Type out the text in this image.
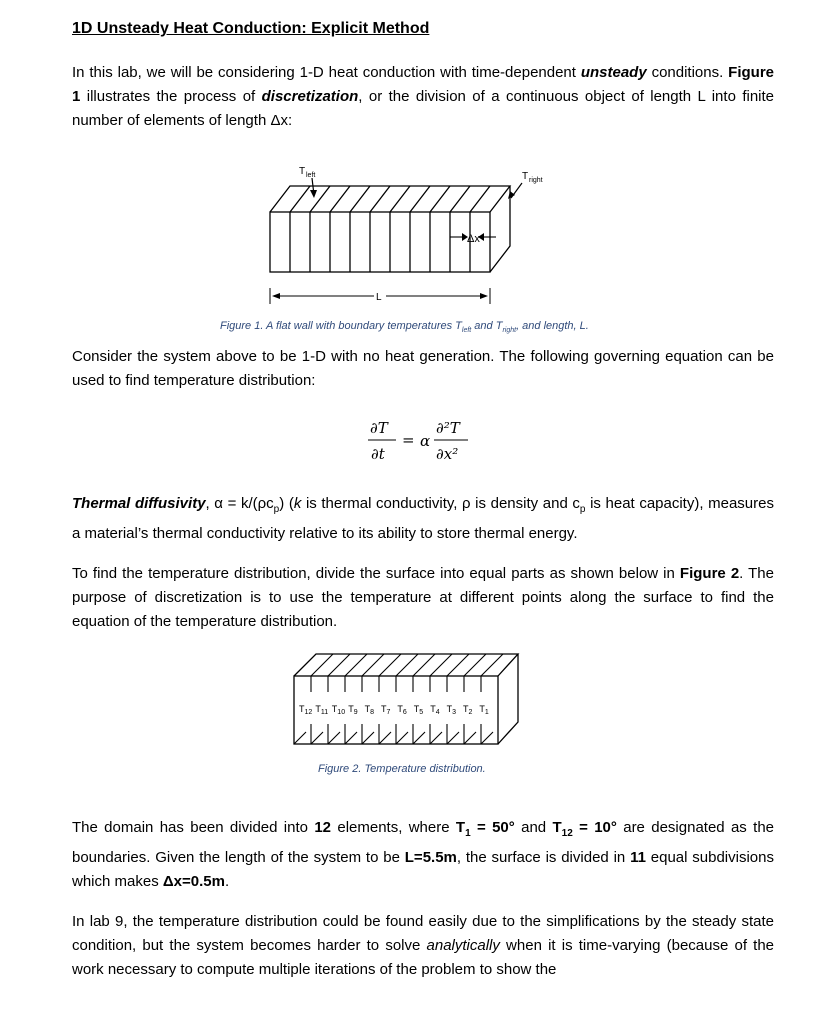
1D Unsteady Heat Conduction: Explicit Method
In this lab, we will be considering 1-D heat conduction with time-dependent unsteady conditions. Figure 1 illustrates the process of discretization, or the division of a continuous object of length L into finite number of elements of length Δx:
T left	T right
Δx
L
Figure 1. A flat wall with boundary temperatures $T_{left}$ and $T_{right}$, and length, L.
Consider the system above to be 1-D with no heat generation. The following governing equation can be used to find temperature distribution:
∂T
∂t
= α
∂²T
∂x²
Thermal diffusivity, $\alpha = k/(\rho c_p)$ (k is thermal conductivity, ρ is density and $c_p$ is heat capacity), measures a material’s thermal conductivity relative to its ability to store thermal energy.
To find the temperature distribution, divide the surface into equal parts as shown below in Figure 2. The purpose of discretization is to use the temperature at different points along the surface to find the equation of the temperature distribution.
$T_{12}$ $T_{11}$ $T_{10}$ $T_9$ $T_8$ $T_7$ $T_6$ $T_5$ $T_4$ $T_3$ $T_2$ $T_1$
Figure 2. Temperature distribution.
The domain has been divided into 12 elements, where $T_1 = 50^\circ$ and $T_{12} = 10^\circ$ are designated as the boundaries. Given the length of the system to be L=5.5m, the surface is divided in 11 equal subdivisions which makes Δx=0.5m.
In lab 9, the temperature distribution could be found easily due to the simplifications by the steady state condition, but the system becomes harder to solve analytically when it is time-varying (because of the work necessary to compute multiple iterations of the problem to show the
